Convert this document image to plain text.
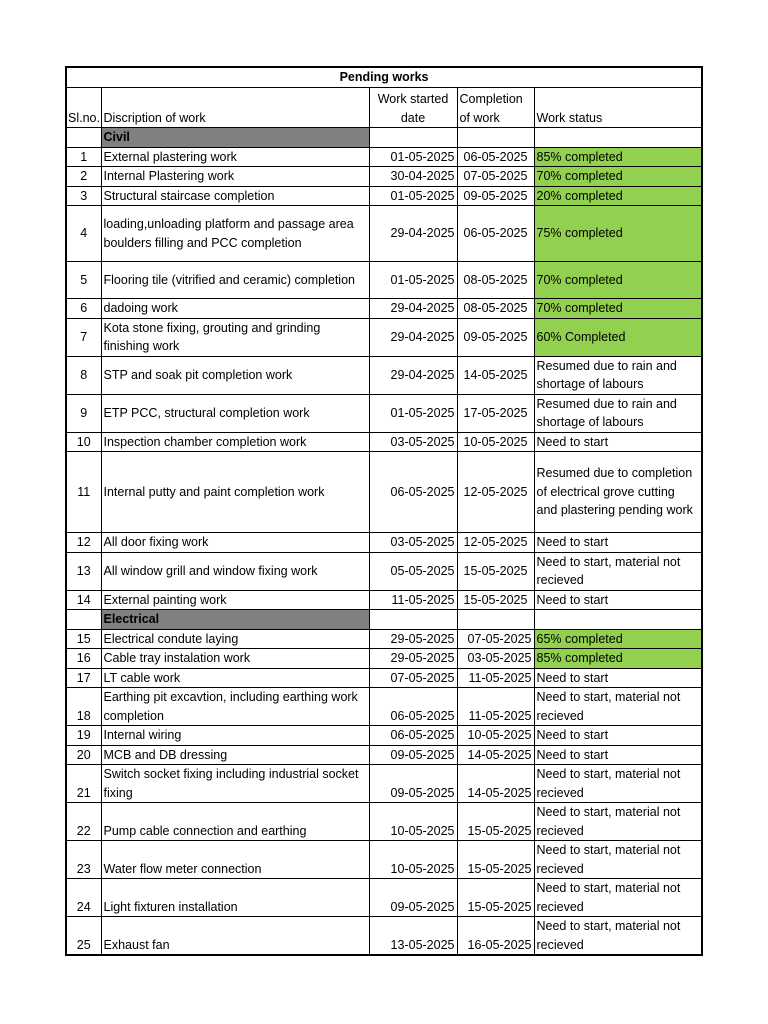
Pending works				
Sl.no.	Discription of work	Work started date	Completion of work	Work status
	Civil			
1	External plastering work	01-05-2025	06-05-2025	85% completed
2	Internal Plastering work	30-04-2025	07-05-2025	70% completed
3	Structural staircase completion	01-05-2025	09-05-2025	20% completed
4	loading,unloading platform and passage area boulders filling and PCC completion	29-04-2025	06-05-2025	75% completed
5	Flooring tile (vitrified and ceramic) completion	01-05-2025	08-05-2025	70% completed
6	dadoing work	29-04-2025	08-05-2025	70% completed
7	Kota stone fixing, grouting and grinding finishing work	29-04-2025	09-05-2025	60% Completed
8	STP and soak pit completion work	29-04-2025	14-05-2025	Resumed due to rain and shortage of labours
9	ETP PCC, structural completion work	01-05-2025	17-05-2025	Resumed due to rain and shortage of labours
10	Inspection chamber completion work	03-05-2025	10-05-2025	Need to start
11	Internal putty and paint completion work	06-05-2025	12-05-2025	Resumed due to completion of electrical grove cutting and plastering pending work
12	All door fixing work	03-05-2025	12-05-2025	Need to start
13	All window grill and window fixing work	05-05-2025	15-05-2025	Need to start, material not recieved
14	External painting work	11-05-2025	15-05-2025	Need to start
	Electrical			
15	Electrical condute laying	29-05-2025	07-05-2025	65% completed
16	Cable tray instalation work	29-05-2025	03-05-2025	85% completed
17	LT cable work	07-05-2025	11-05-2025	Need to start
18	Earthing pit excavtion, including earthing work completion	06-05-2025	11-05-2025	Need to start, material not recieved
19	Internal wiring	06-05-2025	10-05-2025	Need to start
20	MCB and DB dressing	09-05-2025	14-05-2025	Need to start
21	Switch socket fixing including industrial socket fixing	09-05-2025	14-05-2025	Need to start, material not recieved
22	Pump cable connection and earthing	10-05-2025	15-05-2025	Need to start, material not recieved
23	Water flow meter connection	10-05-2025	15-05-2025	Need to start, material not recieved
24	Light fixturen installation	09-05-2025	15-05-2025	Need to start, material not recieved
25	Exhaust fan	13-05-2025	16-05-2025	Need to start, material not recieved
